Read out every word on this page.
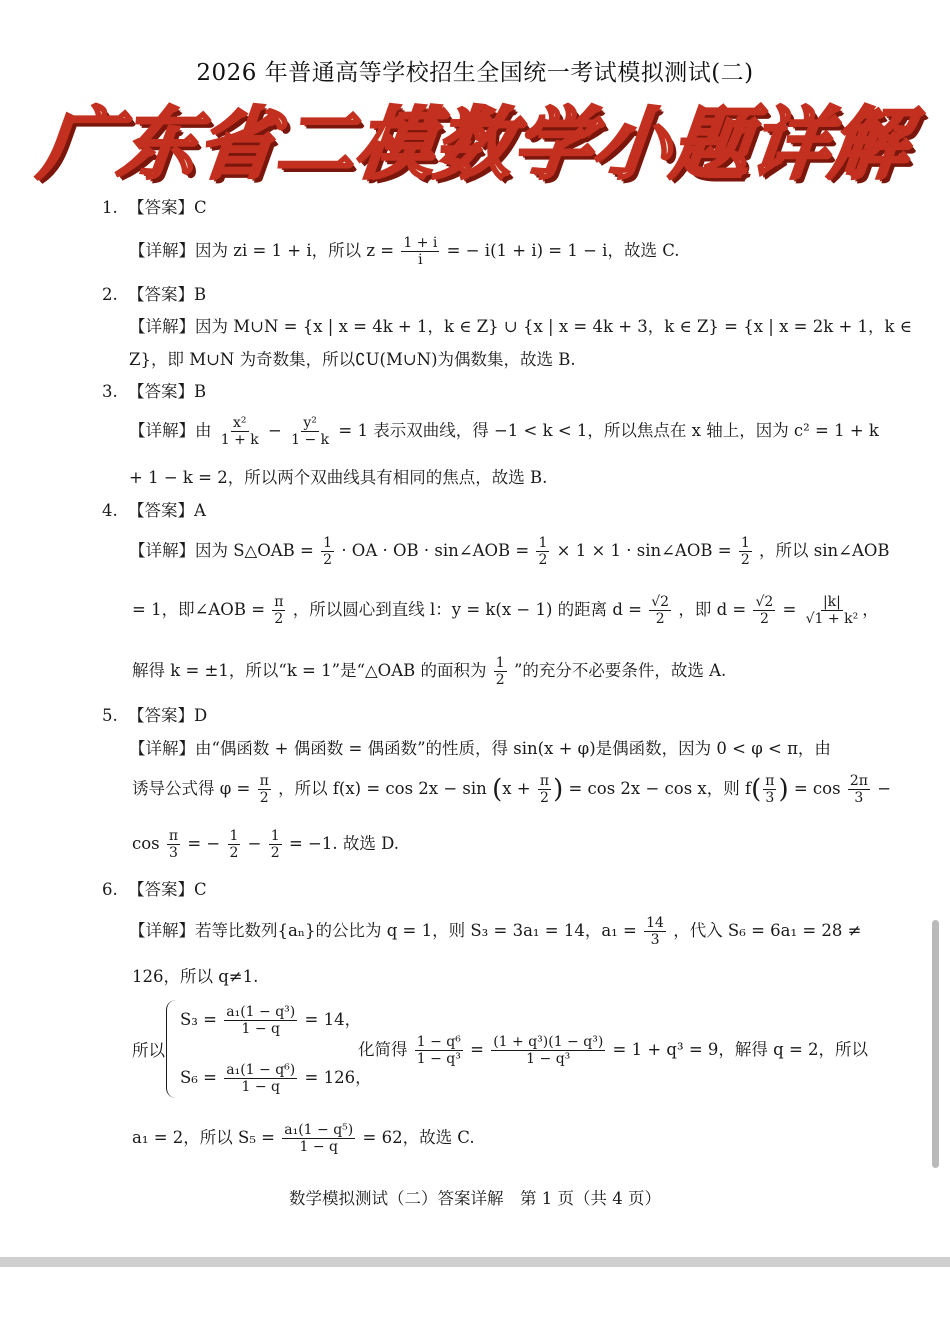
2026 年普通高等学校招生全国统一考试模拟测试(二)
广东省二模数学小题详解
1. 【答案】C
【详解】因为 zi = 1 + i，所以 $z = \frac{1 + i}{i}$ = − i(1 + i) = 1 − i，故选 C.
2. 【答案】B
【详解】因为 M∪N = {x | x = 4k + 1，k ∈ Z} ∪ {x | x = 4k + 3，k ∈ Z} = {x | x = 2k + 1，k ∈
Z}，即 M∪N 为奇数集，所以∁U(M∪N)为偶数集，故选 B.
3. 【答案】B
【详解】由 $\frac{\text{x²}}{1 + k} - \frac{\text{y²}}{1 - k} = 1$ 表示双曲线，得 −1 < k < 1，所以焦点在 x 轴上，因为 c² = 1 + k
+ 1 − k = 2，所以两个双曲线具有相同的焦点，故选 B.
4. 【答案】A
【详解】因为 S△OAB = $\frac{1}{2}$ · OA · OB · sin∠AOB = $\frac{1}{2} \times 1 \times 1$ · sin∠AOB = $\frac{1}{2}$ ，所以 sin∠AOB
= 1，即∠AOB = $\frac{\pi}{2}$ ，所以圆心到直线 l：y = k(x − 1) 的距离 $d = \frac{√2}{2}$ ，即 $d = \frac{√2}{2} = \frac{|k|}{\text{√1 + k²}}$ ，
解得 k = ±1，所以“k = 1”是“△OAB 的面积为 $\frac{1}{2}$ ”的充分不必要条件，故选 A.
5. 【答案】D
【详解】由“偶函数 + 偶函数 = 偶函数”的性质，得 sin(x + φ)是偶函数，因为 0 < φ < π，由
诱导公式得 $\varphi = \frac{\pi}{2}$ ，所以 $f(x) = \cos 2x - \sin (x + \frac{\pi}{2}$ ) = cos 2x − cos x，则 $f( \frac{\pi}{3}$ ) = $\cos \frac{2\pi}{3}$ −
$\cos \frac{\pi}{3}$ = − $\frac{1}{2} - \frac{1}{2} = -1$. 故选 D.
6. 【答案】C
【详解】若等比数列{aₙ}的公比为 q = 1，则 S₃ = 3a₁ = 14，$a_1 = \frac{14}{3}$ ，代入 S₆ = 6a₁ = 28 ≠
126，所以 q≠1.
所以
$S_3 = \frac{\text{a₁(1 − q³)}}{1 - q} = 14$，
$S_6 = \frac{\text{a₁(1 − q⁶)}}{1 - q} = 126$，
化简得 $\frac{\text{1 − q⁶}}{\text{1 − q³}} = \frac{\text{(1 + q³)(1 − q³)}}{\text{1 − q³}} = 1 + q^3 = 9$，解得 q = 2，所以
a₁ = 2，所以 $S_5 = \frac{\text{a₁(1 − q⁵)}}{1 - q} = 62$，故选 C.
数学模拟测试（二）答案详解　第 1 页（共 4 页）
